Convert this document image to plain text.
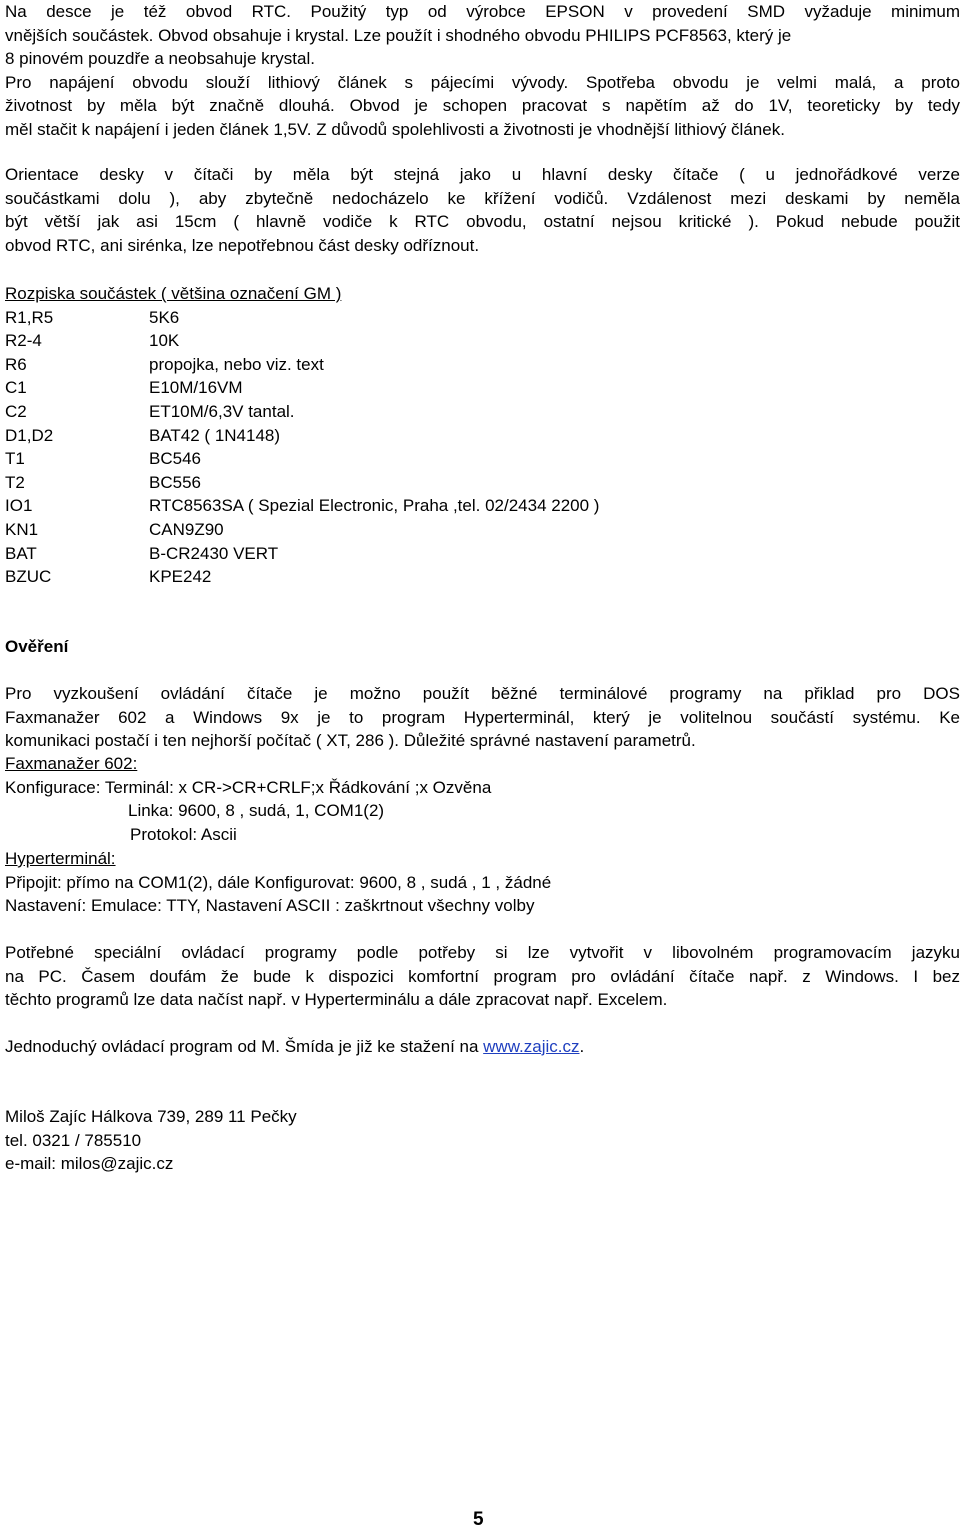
Na desce je též obvod RTC. Použitý typ od výrobce EPSON v provedení SMD vyžaduje minimum
vnějších součástek. Obvod obsahuje i krystal. Lze použít i shodného obvodu PHILIPS PCF8563, který je
8 pinovém pouzdře a neobsahuje krystal.
Pro napájení obvodu slouží lithiový článek s pájecími vývody. Spotřeba obvodu je velmi malá, a proto
životnost by měla být značně dlouhá. Obvod je schopen pracovat s napětím až do 1V, teoreticky by tedy
měl stačit k napájení i jeden článek 1,5V. Z důvodů spolehlivosti a životnosti je vhodnější lithiový článek.
Orientace desky v čítači by měla být stejná jako u hlavní desky čítače ( u jednořádkové verze
součástkami dolu ), aby zbytečně nedocházelo ke křížení vodičů. Vzdálenost mezi deskami by neměla
být větší jak asi 15cm ( hlavně vodiče k RTC obvodu, ostatní nejsou kritické ). Pokud nebude použit
obvod RTC, ani sirénka, lze nepotřebnou část desky odříznout.
Rozpiska součástek ( většina označení GM )
R1,R5	5K6
R2-4	10K
R6	propojka, nebo viz. text
C1	E10M/16VM
C2	ET10M/6,3V tantal.
D1,D2	BAT42 ( 1N4148)
T1	BC546
T2	BC556
IO1	RTC8563SA ( Spezial Electronic, Praha ,tel. 02/2434 2200 )
KN1	CAN9Z90
BAT	B-CR2430 VERT
BZUC	KPE242
Ověření
Pro vyzkoušení ovládání čítače je možno použít běžné terminálové programy na přiklad pro DOS
Faxmanažer 602 a Windows 9x je to program Hyperterminál, který je volitelnou součástí systému. Ke
komunikaci postačí i ten nejhorší počítač ( XT, 286 ). Důležité správné nastavení parametrů.
Faxmanažer 602:
Konfigurace: Terminál: x CR->CR+CRLF;x Řádkování ;x Ozvěna
Linka: 9600, 8 , sudá, 1, COM1(2)
Protokol: Ascii
Hyperterminál:
Připojit: přímo na COM1(2), dále Konfigurovat: 9600, 8 , sudá , 1 , žádné
Nastavení: Emulace: TTY, Nastavení ASCII : zaškrtnout všechny volby
Potřebné speciální ovládací programy podle potřeby si lze vytvořit v libovolném programovacím jazyku
na PC. Časem doufám že bude k dispozici komfortní program pro ovládání čítače např. z Windows. I bez
těchto programů lze data načíst např. v Hyperterminálu a dále zpracovat např. Excelem.
Jednoduchý ovládací program od M. Šmída je již ke stažení na www.zajic.cz.
Miloš Zajíc Hálkova 739, 289 11 Pečky
tel. 0321 / 785510
e-mail: milos@zajic.cz
5
